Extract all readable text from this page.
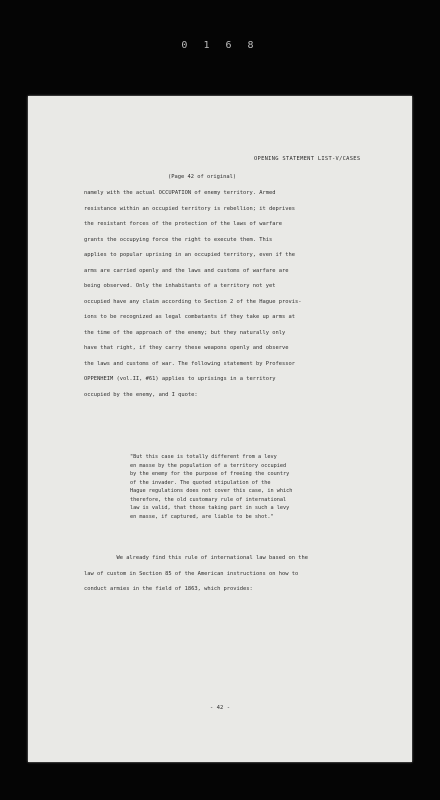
0 1 6 8
OPENING STATEMENT LIST-V/CASES
(Page 42 of original)
namely with the actual OCCUPATION of enemy territory. Armed
resistance within an occupied territory is rebellion; it deprives
the resistant forces of the protection of the laws of warfare
grants the occupying force the right to execute them. This
applies to popular uprising in an occupied territory, even if the
arms are carried openly and the laws and customs of warfare are
being observed. Only the inhabitants of a territory not yet
occupied have any claim according to Section 2 of the Hague provis-
ions to be recognized as legal combatants if they take up arms at
the time of the approach of the enemy; but they naturally only
have that right, if they carry these weapons openly and observe
the laws and customs of war. The following statement by Professor
OPPENHEIM (vol.II, #61) applies to uprisings in a territory
occupied by the enemy, and I quote:
"But this case is totally different from a levy
en masse by the population of a territory occupied
by the enemy for the purpose of freeing the country
of the invader. The quoted stipulation of the
Hague regulations does not cover this case, in which
therefore, the old customary rule of international
law is valid, that those taking part in such a levy
en masse, if captured, are liable to be shot."
We already find this rule of international law based on the
law of custom in Section 85 of the American instructions on how to
conduct armies in the field of 1863, which provides:
- 42 -
